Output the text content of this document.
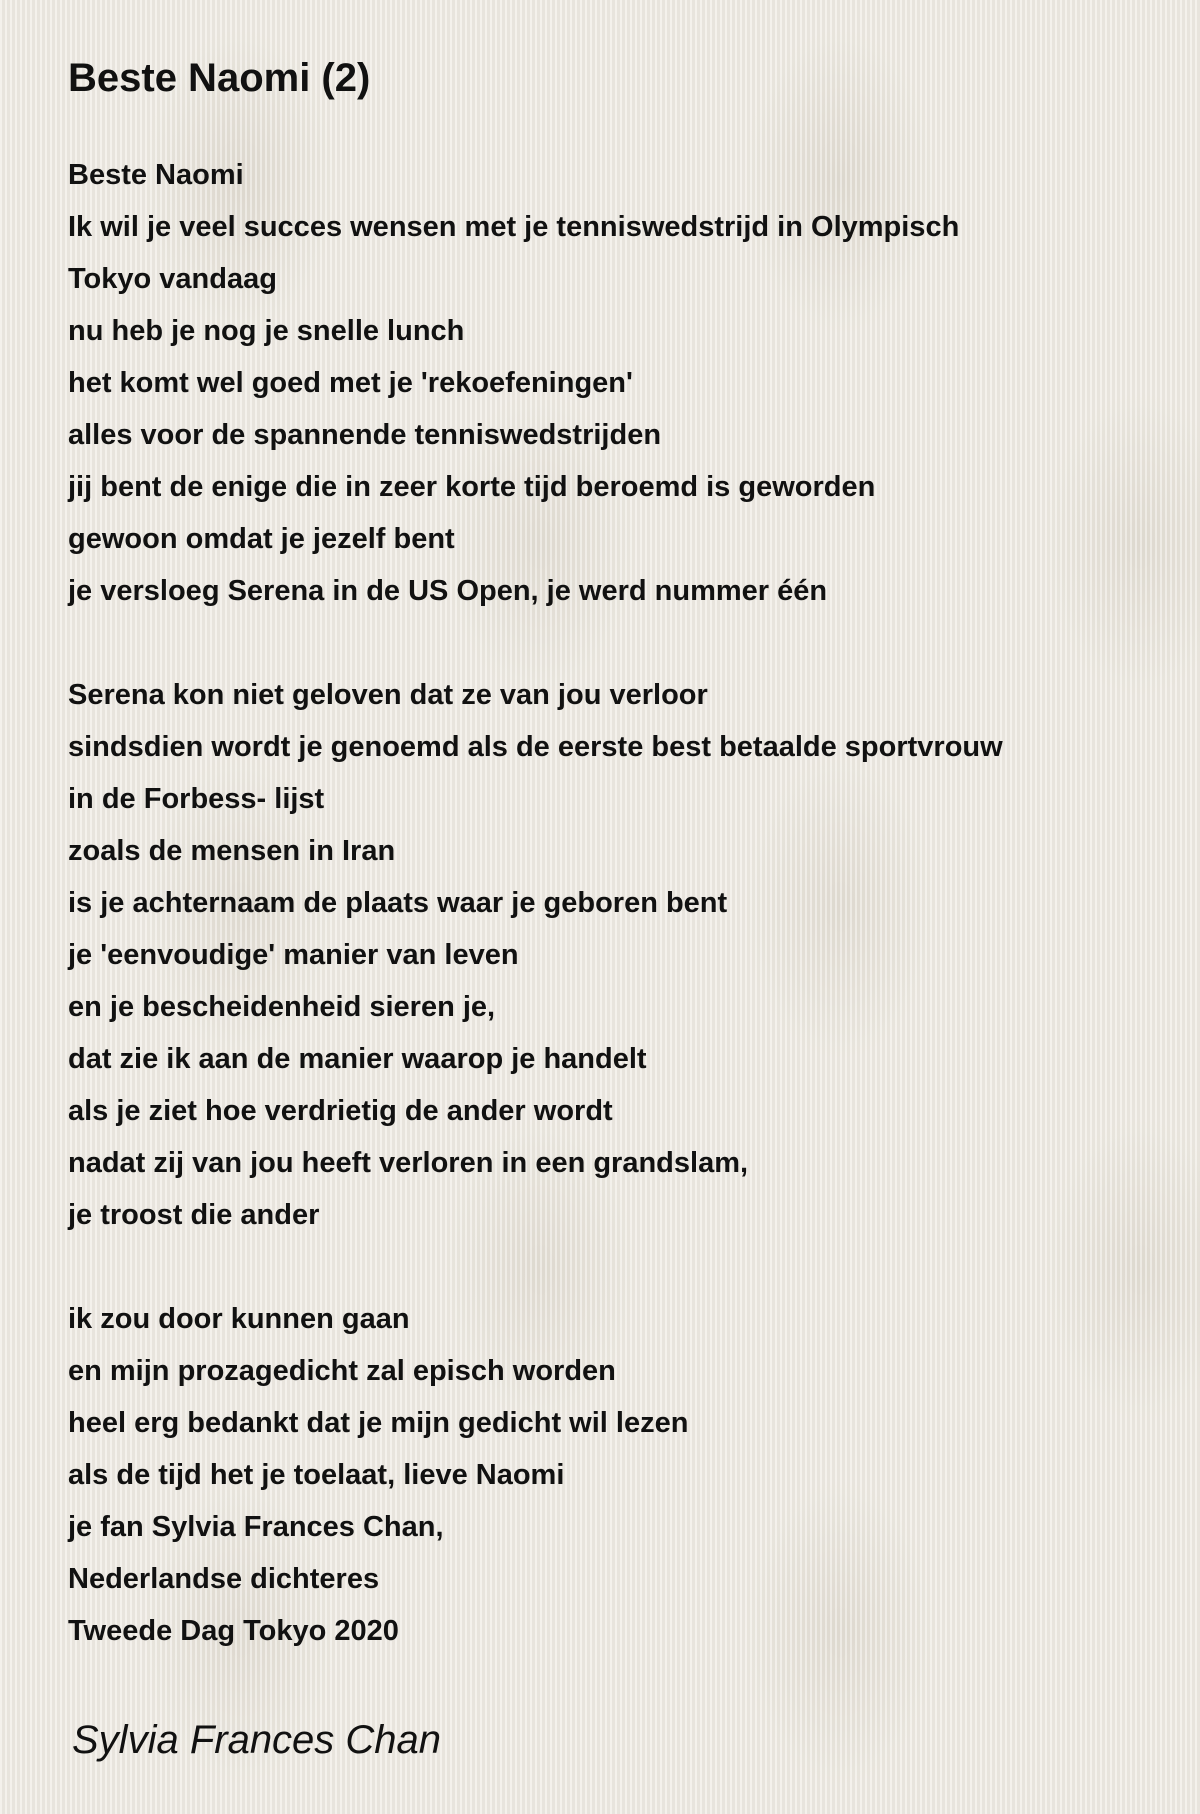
Beste Naomi (2)
Beste Naomi
Ik wil je veel succes wensen met je tenniswedstrijd in Olympisch
Tokyo vandaag
nu heb je nog je snelle lunch
het komt wel goed met je 'rekoefeningen'
alles voor de spannende tenniswedstrijden
jij bent de enige die in zeer korte tijd beroemd is geworden
gewoon omdat je jezelf bent
je versloeg Serena in de US Open, je werd nummer één
Serena kon niet geloven dat ze van jou verloor
sindsdien wordt je genoemd als de eerste best betaalde sportvrouw
in de Forbess- lijst
zoals de mensen in Iran
is je achternaam de plaats waar je geboren bent
je 'eenvoudige' manier van leven
en je bescheidenheid sieren je,
dat zie ik aan de manier waarop je handelt
als je ziet hoe verdrietig de ander wordt
nadat zij van jou heeft verloren in een grandslam,
je troost die ander
ik zou door kunnen gaan
en mijn prozagedicht zal episch worden
heel erg bedankt dat je mijn gedicht wil lezen
als de tijd het je toelaat, lieve Naomi
je fan Sylvia Frances Chan,
Nederlandse dichteres
Tweede Dag Tokyo 2020
Sylvia Frances Chan
